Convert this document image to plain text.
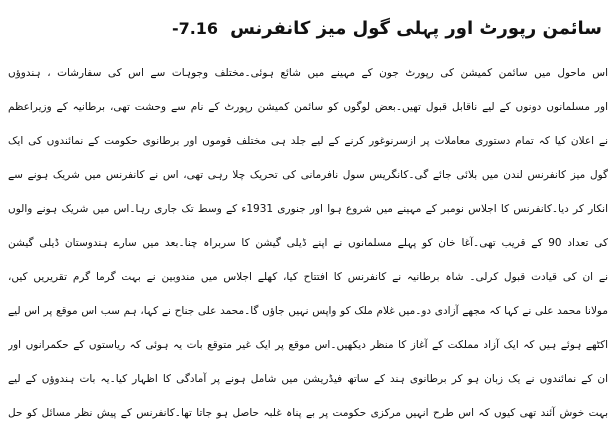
سائمن رپورٹ اور پہلی گول میز کانفرنس
-7.16
اس ماحول میں سائمن کمیشن کی رپورٹ جون کے مہینے میں شائع ہوئی۔مختلف وجوہات سے اس کی سفارشات ، ہندوؤں
اور مسلمانوں دونوں کے لیے ناقابل قبول تھیں۔بعض لوگوں کو سائمن کمیشن رپورٹ کے نام سے وحشت تھی، برطانیہ کے وزیراعظم
نے اعلان کیا کہ تمام دستوری معاملات پر ازسرنوغور کرنے کے لیے جلد ہی مختلف قوموں اور برطانوی حکومت کے نمائندوں کی ایک
گول میز کانفرنس لندن میں بلائی جائے گی۔کانگریس سول نافرمانی کی تحریک چلا رہی تھی، اس نے کانفرنس میں شریک ہونے سے
انکار کر دیا۔کانفرنس کا اجلاس نومبر کے مہینے میں شروع ہوا اور جنوری 1931ء کے وسط تک جاری رہا۔اس میں شریک ہونے والوں
کی تعداد 90 کے قریب تھی۔آغا خان کو پہلے مسلمانوں نے اپنے ڈیلی گیشن کا سربراہ چنا۔بعد میں سارے ہندوستان ڈیلی گیشن
نے ان کی قیادت قبول کرلی۔ شاہ برطانیہ نے کانفرنس کا افتتاح کیا، کھلے اجلاس میں مندوبین نے بہت گرما گرم تقریریں کیں،
مولانا محمد علی نے کہا کہ مجھے آزادی دو۔میں غلام ملک کو واپس نہیں جاؤں گا۔محمد علی جناح نے کہا، ہم سب اس موقع پر اس لیے
اکٹھے ہوئے ہیں کہ ایک آزاد مملکت کے آغاز کا منظر دیکھیں۔اس موقع پر ایک غیر متوقع بات یہ ہوئی کہ ریاستوں کے حکمرانوں اور
ان کے نمائندوں نے یک زبان ہو کر برطانوی ہند کے ساتھ فیڈریشن میں شامل ہونے پر آمادگی کا اظہار کیا۔یہ بات ہندوؤں کے لیے
بہت خوش آئند تھی کیوں کہ اس طرح انہیں مرکزی حکومت پر بے پناہ غلبہ حاصل ہو جاتا تھا۔کانفرنس کے پیش نظر مسائل کو حل
